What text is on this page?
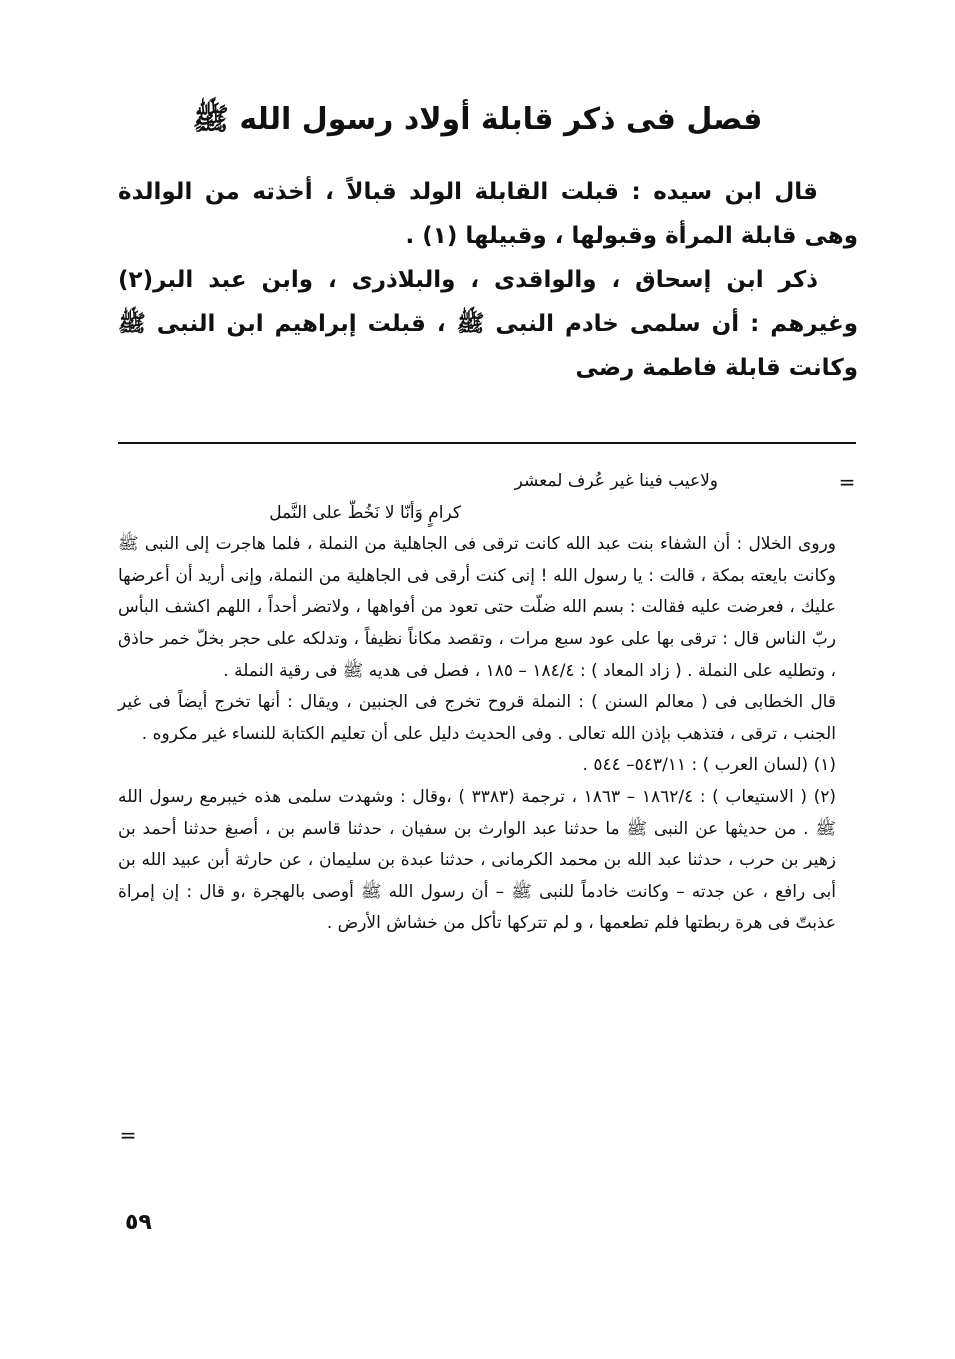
فصل فى ذكر قابلة أولاد رسول الله ﷺ

قال ابن سيده : قبلت القابلة الولد قبالاً ، أخذته من الوالدة وهى قابلة المرأة وقبولها ، وقبيلها (١) .

ذكر ابن إسحاق ، والواقدى ، والبلاذرى ، وابن عبد البر(٢) وغيرهم : أن سلمى خادم النبى ﷺ ، قبلت إبراهيم ابن النبى ﷺ وكانت قابلة فاطمة رضى

=

ولاعيب فينا غير عُرف لمعشر

كرامٍ وَأنّا لا نَخُطّ على النَّمل

وروى الخلال : أن الشفاء بنت عبد الله كانت ترقى فى الجاهلية من النملة ، فلما هاجرت إلى النبى ﷺ وكانت بايعته بمكة ، قالت : يا رسول الله ! إنى كنت أرقى فى الجاهلية من النملة، وإنى أريد أن أعرضها عليك ، فعرضت عليه فقالت : بسم الله ضلّت حتى تعود من أفواهها ، ولاتضر أحداً ، اللهم اكشف البأس ربّ الناس قال : ترقى بها على عود سبع مرات ، وتقصد مكاناً نظيفاً ، وتدلكه على حجر بخلّ خمر حاذق ، وتطليه على النملة . ( زاد المعاد ) : ١٨٤/٤ – ١٨٥ ، فصل فى هديه ﷺ فى رقية النملة .

قال الخطابى فى ( معالم السنن ) : النملة قروح تخرج فى الجنبين ، ويقال : أنها تخرج أيضاً فى غير الجنب ، ترقى ، فتذهب بإذن الله تعالى . وفى الحديث دليل على أن تعليم الكتابة للنساء غير مكروه .

(١) (لسان العرب ) : ٥٤٣/١١– ٥٤٤ .
(٢) ( الاستيعاب ) : ١٨٦٢/٤ – ١٨٦٣ ، ترجمة (٣٣٨٣ ) ،وقال : وشهدت سلمى هذه خيبرمع رسول الله ﷺ . من حديثها عن النبى ﷺ ما حدثنا عبد الوارث بن سفيان ، حدثنا قاسم بن ، أصبغ حدثنا أحمد بن زهير بن حرب ، حدثنا عبد الله بن محمد الكرمانى ، حدثنا عبدة بن سليمان ، عن حارثة أبن عبيد الله بن أبى رافع ، عن جدته – وكانت خادماً للنبى ﷺ – أن رسول الله ﷺ أوصى بالهجرة ،و قال : إن إمراة عذبتّ فى هرة ربطتها فلم تطعمها ، و لم تتركها تأكل من خشاش الأرض .
=
٥٩
